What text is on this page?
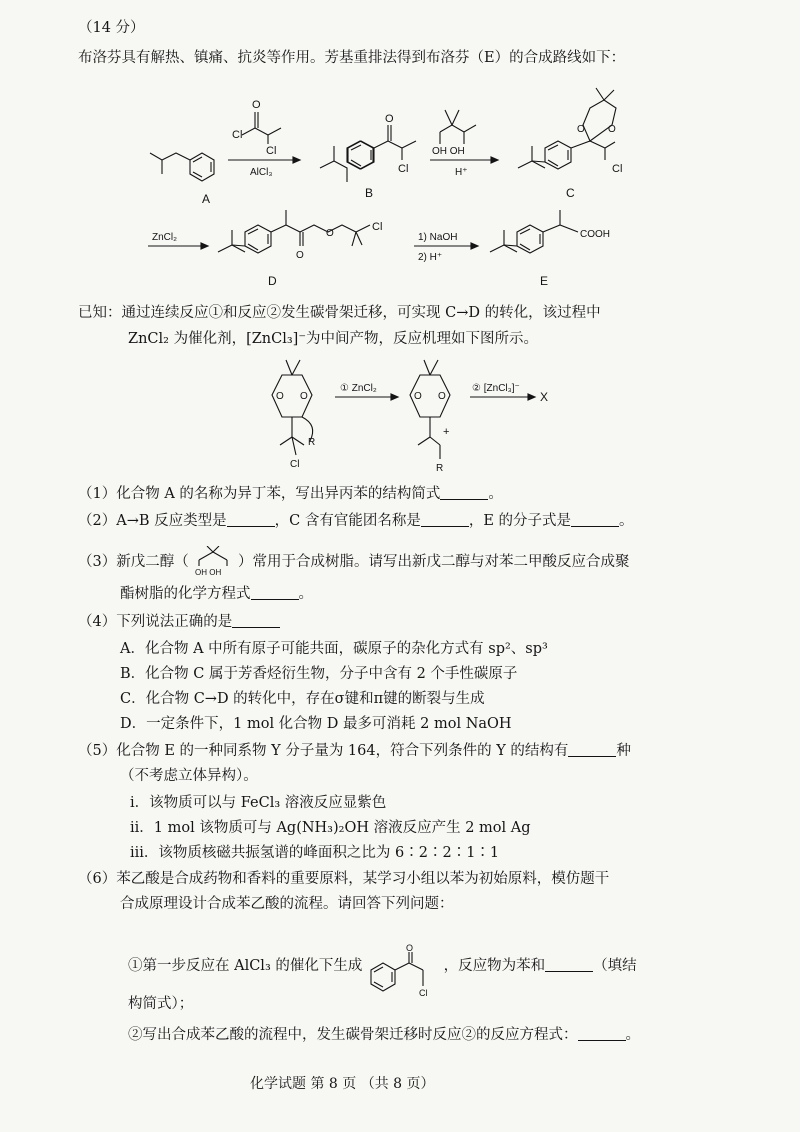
（14 分）
布洛芬具有解热、镇痛、抗炎等作用。芳基重排法得到布洛芬（E）的合成路线如下：
A
O
Cl
Cl
AlCl₃
O
Cl
B
OH OH
H⁺
O O
Cl
C
ZnCl₂
O
O
Cl
D
1) NaOH
2) H⁺
COOH
E
已知：通过连续反应①和反应②发生碳骨架迁移，可实现 C→D 的转化，该过程中
ZnCl₂ 为催化剂，[ZnCl₃]⁻为中间产物，反应机理如下图所示。
O O
R
Cl
① ZnCl₂
O O
+
R
② [ZnCl₃]⁻
X
（1）化合物 A 的名称为异丁苯，写出异丙苯的结构简式	。
（2）A→B 反应类型是	，C 含有官能团名称是	，E 的分子式是	。
（3）新戊二醇（
OH OH
）常用于合成树脂。请写出新戊二醇与对苯二甲酸反应合成聚
酯树脂的化学方程式	。
（4）下列说法正确的是
A．化合物 A 中所有原子可能共面，碳原子的杂化方式有 sp²、sp³
B．化合物 C 属于芳香烃衍生物，分子中含有 2 个手性碳原子
C．化合物 C→D 的转化中，存在σ键和π键的断裂与生成
D．一定条件下，1 mol 化合物 D 最多可消耗 2 mol NaOH
（5）化合物 E 的一种同系物 Y 分子量为 164，符合下列条件的 Y 的结构有	种
（不考虑立体异构）。
i．该物质可以与 FeCl₃ 溶液反应显紫色
ii．1 mol 该物质可与 Ag(NH₃)₂OH 溶液反应产生 2 mol Ag
iii．该物质核磁共振氢谱的峰面积之比为 6∶2∶2∶1∶1
（6）苯乙酸是合成药物和香料的重要原料，某学习小组以苯为初始原料，模仿题干
合成原理设计合成苯乙酸的流程。请回答下列问题：
①第一步反应在 AlCl₃ 的催化下生成
O
Cl
，反应物为苯和	（填结
构简式）；
②写出合成苯乙酸的流程中，发生碳骨架迁移时反应②的反应方程式：	。
化学试题 第 8 页 （共 8 页）
